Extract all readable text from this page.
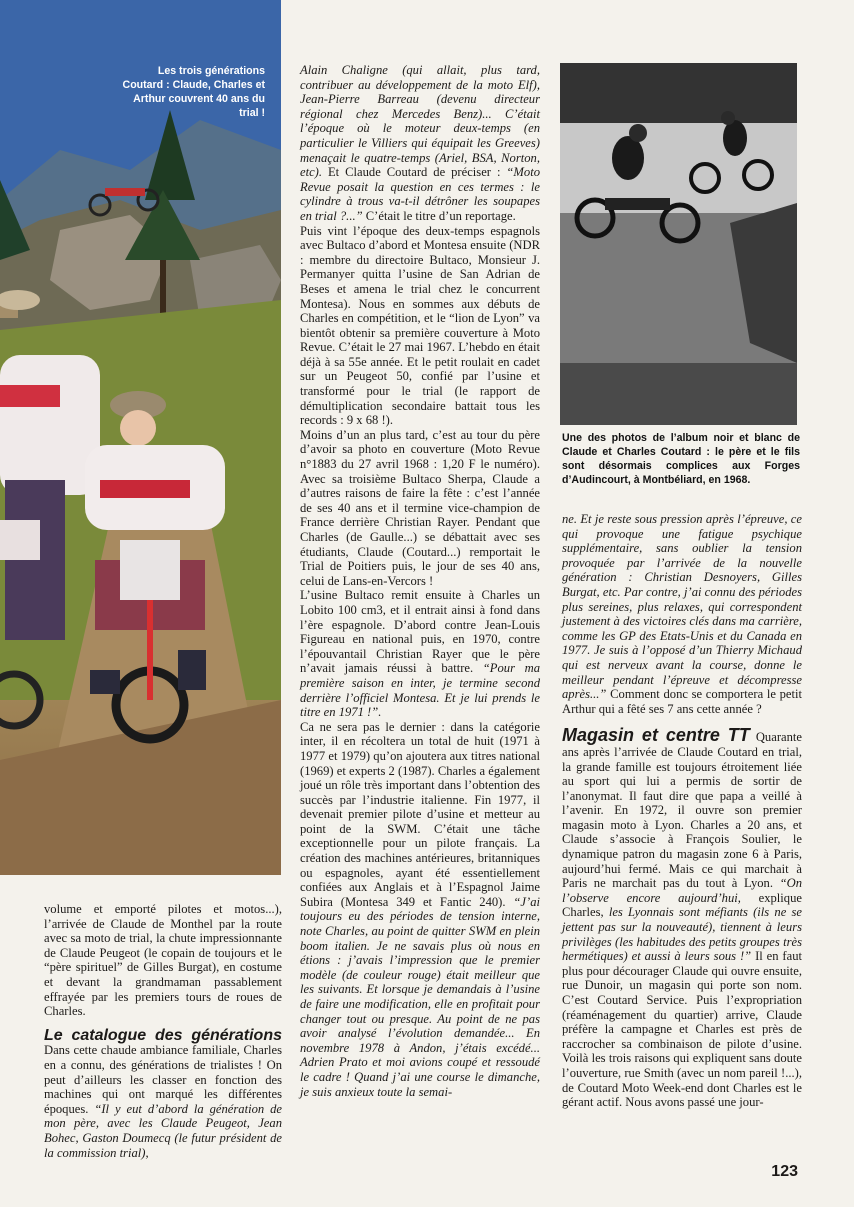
Les trois générations Coutard : Claude, Charles et Arthur couvrent 40 ans du trial !
Une des photos de l’album noir et blanc de Claude et Charles Coutard : le père et le fils sont désormais complices aux Forges d’Audincourt, à Montbéliard, en 1968.

volume et emporté pilotes et motos...), l’arrivée de Claude de Monthel par la route avec sa moto de trial, la chute impressionnante de Claude Peugeot (le copain de toujours et le “père spirituel” de Gilles Burgat), en costume et devant la grandmaman passablement effrayée par les premiers tours de roues de Charles.

Le catalogue des générations Dans cette chaude ambiance familiale, Charles en a connu, des générations de trialistes ! On peut d’ailleurs les classer en fonction des machines qui ont marqué les différentes époques. “Il y eut d’abord la génération de mon père, avec les Claude Peugeot, Jean Bohec, Gaston Doumecq (le futur président de la commission trial),

Alain Chaligne (qui allait, plus tard, contribuer au développement de la moto Elf), Jean-Pierre Barreau (devenu directeur régional chez Mercedes Benz)... C’était l’époque où le moteur deux-temps (en particulier le Villiers qui équipait les Greeves) menaçait le quatre-temps (Ariel, BSA, Norton, etc). Et Claude Coutard de préciser : “Moto Revue posait la question en ces termes : le cylindre à trous va-t-il détrôner les soupapes en trial ?...” C’était le titre d’un reportage.

Puis vint l’époque des deux-temps espagnols avec Bultaco d’abord et Montesa ensuite (NDR : membre du directoire Bultaco, Monsieur J. Permanyer quitta l’usine de San Adrian de Beses et amena le trial chez le concurrent Montesa). Nous en sommes aux débuts de Charles en compétition, et le “lion de Lyon” va bientôt obtenir sa première couverture à Moto Revue. C’était le 27 mai 1967. L’hebdo en était déjà à sa 55e année. Et le petit roulait en cadet sur un Peugeot 50, confié par l’usine et transformé pour le trial (le rapport de démultiplication secondaire battait tous les records : 9 x 68 !).

Moins d’un an plus tard, c’est au tour du père d’avoir sa photo en couverture (Moto Revue n°1883 du 27 avril 1968 : 1,20 F le numéro). Avec sa troisième Bultaco Sherpa, Claude a d’autres raisons de faire la fête : c’est l’année de ses 40 ans et il termine vice-champion de France derrière Christian Rayer. Pendant que Charles (de Gaulle...) se débattait avec ses étudiants, Claude (Coutard...) remportait le Trial de Poitiers puis, le jour de ses 40 ans, celui de Lans-en-Vercors !

L’usine Bultaco remit ensuite à Charles un Lobito 100 cm3, et il entrait ainsi à fond dans l’ère espagnole. D’abord contre Jean-Louis Figureau en national puis, en 1970, contre l’épouvantail Christian Rayer que le père n’avait jamais réussi à battre. “Pour ma première saison en inter, je termine second derrière l’officiel Montesa. Et je lui prends le titre en 1971 !”.

Ca ne sera pas le dernier : dans la catégorie inter, il en récoltera un total de huit (1971 à 1977 et 1979) qu’on ajoutera aux titres national (1969) et experts 2 (1987). Charles a également joué un rôle très important dans l’obtention des succès par l’industrie italienne. Fin 1977, il devenait premier pilote d’usine et metteur au point de la SWM. C’était une tâche exceptionnelle pour un pilote français. La création des machines antérieures, britanniques ou espagnoles, ayant été essentiellement confiées aux Anglais et à l’Espagnol Jaime Subira (Montesa 349 et Fantic 240). “J’ai toujours eu des périodes de tension interne, note Charles, au point de quitter SWM en plein boom italien. Je ne savais plus où nous en étions : j’avais l’impression que le premier modèle (de couleur rouge) était meilleur que les suivants. Et lorsque je demandais à l’usine de faire une modification, elle en profitait pour changer tout ou presque. Au point de ne pas avoir analysé l’évolution demandée... En novembre 1978 à Andon, j’étais excédé... Adrien Prato et moi avions coupé et ressoudé le cadre ! Quand j’ai une course le dimanche, je suis anxieux toute la semai-

ne. Et je reste sous pression après l’épreuve, ce qui provoque une fatigue psychique supplémentaire, sans oublier la tension provoquée par l’arrivée de la nouvelle génération : Christian Desnoyers, Gilles Burgat, etc. Par contre, j’ai connu des périodes plus sereines, plus relaxes, qui correspondent justement à des victoires clés dans ma carrière, comme les GP des Etats-Unis et du Canada en 1977. Je suis à l’opposé d’un Thierry Michaud qui est nerveux avant la course, donne le meilleur pendant l’épreuve et décompresse après...” Comment donc se comportera le petit Arthur qui a fêté ses 7 ans cette année ?

Magasin et centre TT Quarante ans après l’arrivée de Claude Coutard en trial, la grande famille est toujours étroitement liée au sport qui lui a permis de sortir de l’anonymat. Il faut dire que papa a veillé à l’avenir. En 1972, il ouvre son premier magasin moto à Lyon. Charles a 20 ans, et Claude s’associe à François Soulier, le dynamique patron du magasin zone 6 à Paris, aujourd’hui fermé. Mais ce qui marchait à Paris ne marchait pas du tout à Lyon. “On l’observe encore aujourd’hui, explique Charles, les Lyonnais sont méfiants (ils ne se jettent pas sur la nouveauté), tiennent à leurs privilèges (les habitudes des petits groupes très hermétiques) et aussi à leurs sous !” Il en faut plus pour décourager Claude qui ouvre ensuite, rue Dunoir, un magasin qui porte son nom. C’est Coutard Service. Puis l’expropriation (réaménagement du quartier) arrive, Claude préfère la campagne et Charles est près de raccrocher sa combinaison de pilote d’usine. Voilà les trois raisons qui expliquent sans doute l’ouverture, rue Smith (avec un nom pareil !...), de Coutard Moto Week-end dont Charles est le gérant actif. Nous avons passé une jour-

123
